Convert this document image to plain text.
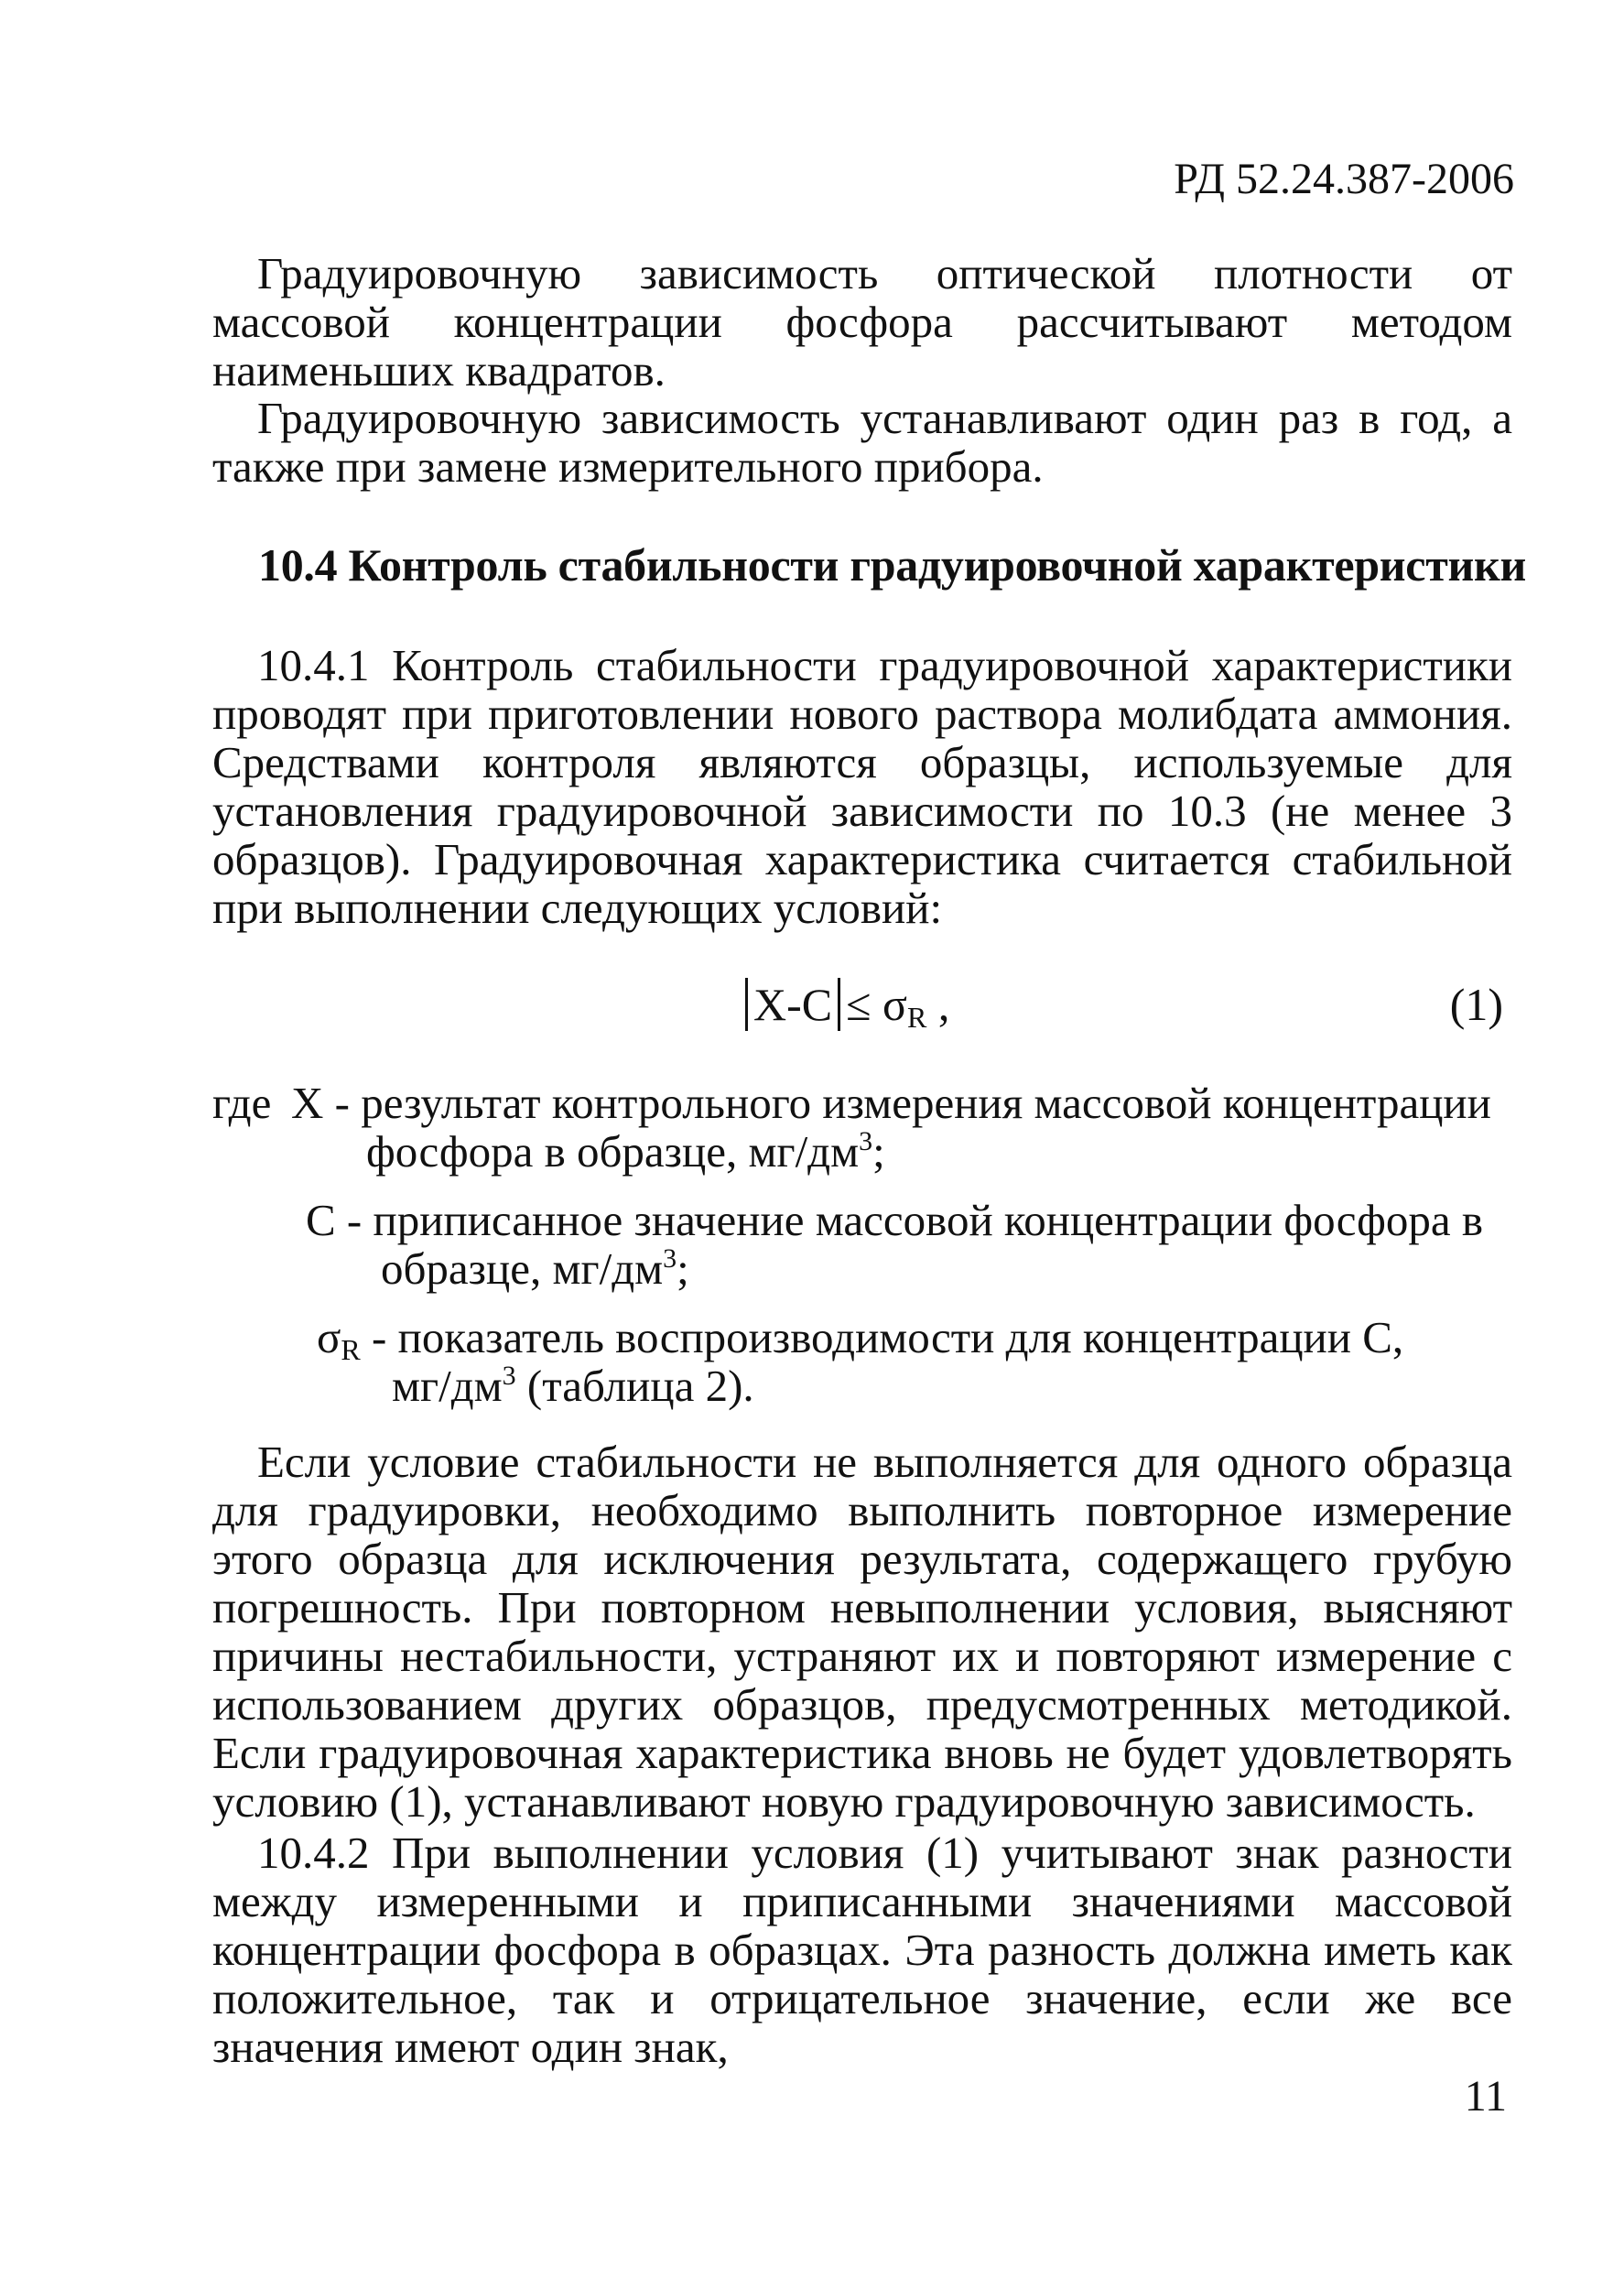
РД 52.24.387-2006

Градуировочную зависимость оптической плотности от массовой концентрации фосфора рассчитывают методом наименьших квадратов.

Градуировочную зависимость устанавливают один раз в год, а также при замене измерительного прибора.

10.4 Контроль стабильности градуировочной характеристики

10.4.1 Контроль стабильности градуировочной характеристики проводят при приготовлении нового раствора молибдата аммония. Средствами контроля являются образцы, используемые для установления градуировочной зависимости по 10.3 (не менее 3 образцов). Градуировочная характеристика считается стабильной при выполнении следующих условий:

$X-C \le \sigma_R$ ,	(1)
где X - результат контрольного измерения массовой концентрации
фосфора в образце, $мг/дм^3$;
C - приписанное значение массовой концентрации фосфора в
образце, $мг/дм^3$;
$\sigma_R$ - показатель воспроизводимости для концентрации C,
$мг/дм^3$ (таблица 2).

Если условие стабильности не выполняется для одного образца для градуировки, необходимо выполнить повторное измерение этого образца для исключения результата, содержащего грубую погрешность. При повторном невыполнении условия, выясняют причины нестабильности, устраняют их и повторяют измерение с использованием других образцов, предусмотренных методикой. Если градуировочная характеристика вновь не будет удовлетворять условию (1), устанавливают новую градуировочную зависимость.

10.4.2 При выполнении условия (1) учитывают знак разности между измеренными и приписанными значениями массовой концентрации фосфора в образцах. Эта разность должна иметь как положительное, так и отрицательное значение, если же все значения имеют один знак,

11
